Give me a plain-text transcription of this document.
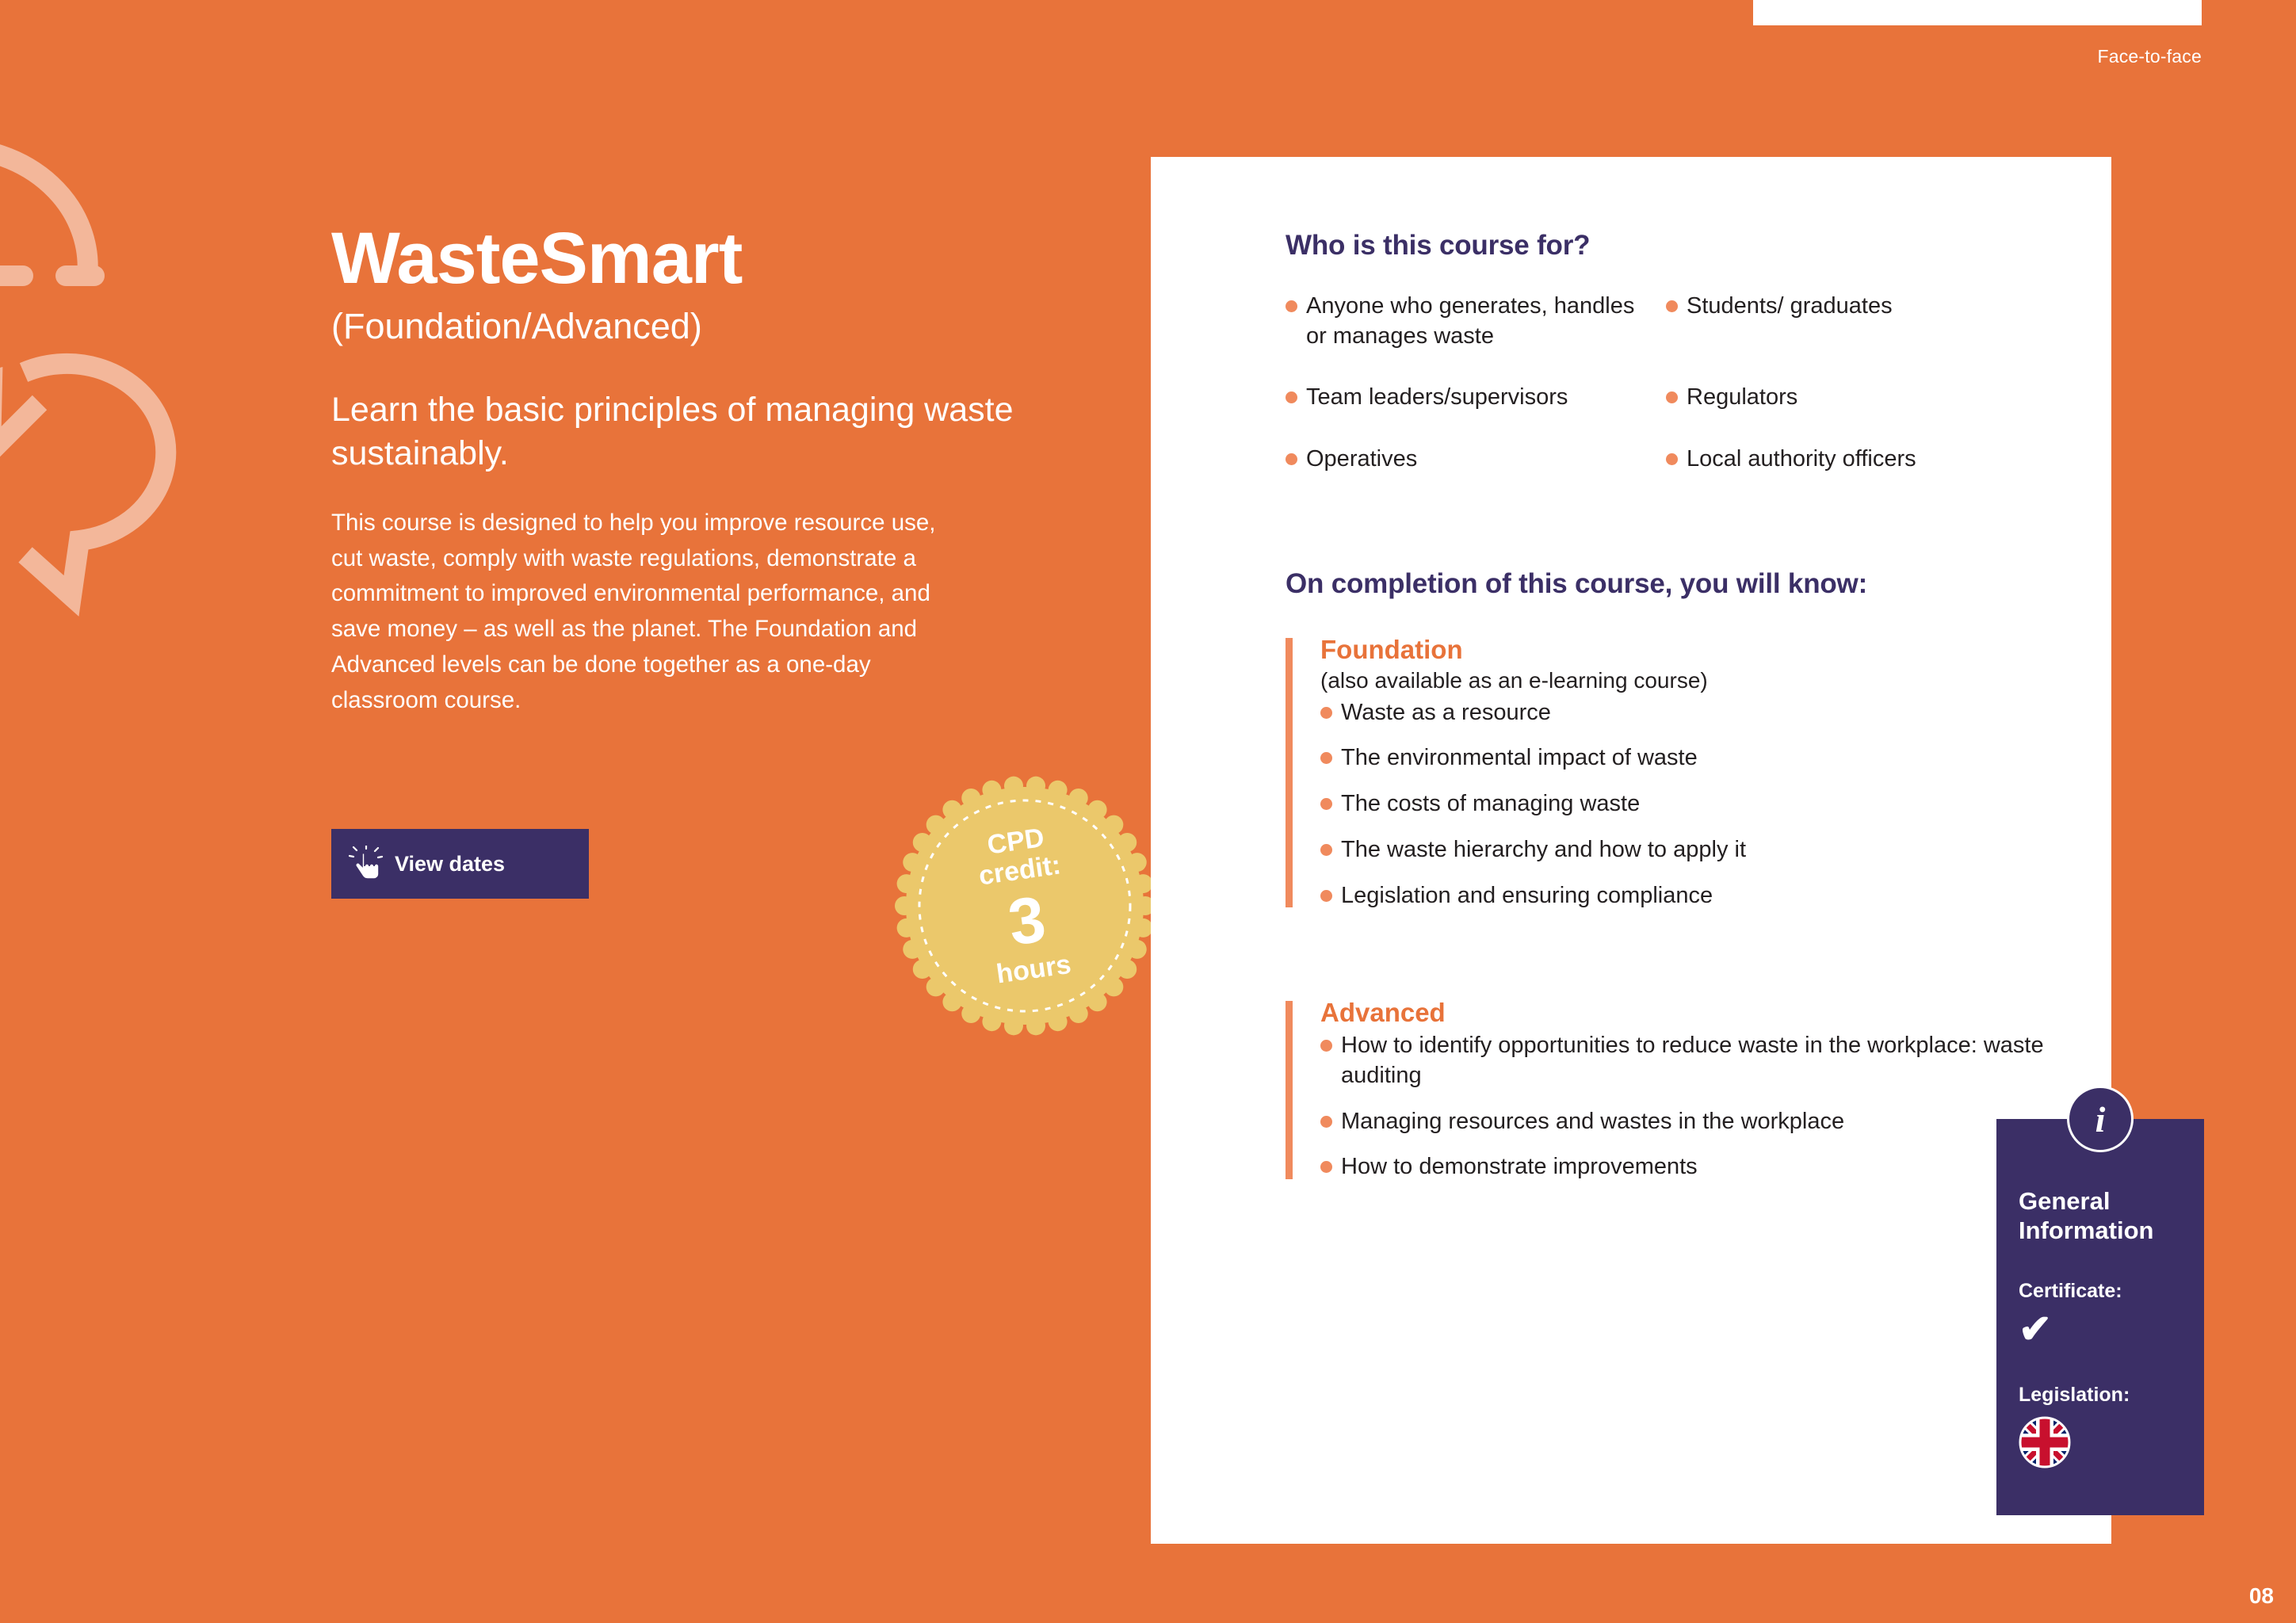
Face-to-face
WasteSmart
(Foundation/Advanced)
Learn the basic principles of managing waste sustainably.
This course is designed to help you improve resource use, cut waste, comply with waste regulations, demonstrate a commitment to improved environmental performance, and save money – as well as the planet. The Foundation and Advanced levels can be done together as a one-day classroom course.
View dates
CPD
credit:
3
hours
Who is this course for?
Anyone who generates, handles or manages waste
Students/ graduates
Team leaders/supervisors	Regulators
Operatives	Local authority officers
On completion of this course, you will know:
Foundation
(also available as an e-learning course)
Waste as a resource
The environmental impact of waste
The costs of managing waste
The waste hierarchy and how to apply it
Legislation and ensuring compliance
Advanced
How to identify opportunities to reduce waste in the workplace: waste auditing
Managing resources and wastes in the workplace
How to demonstrate improvements
i
General Information
Certificate:
✔
Legislation:
08
